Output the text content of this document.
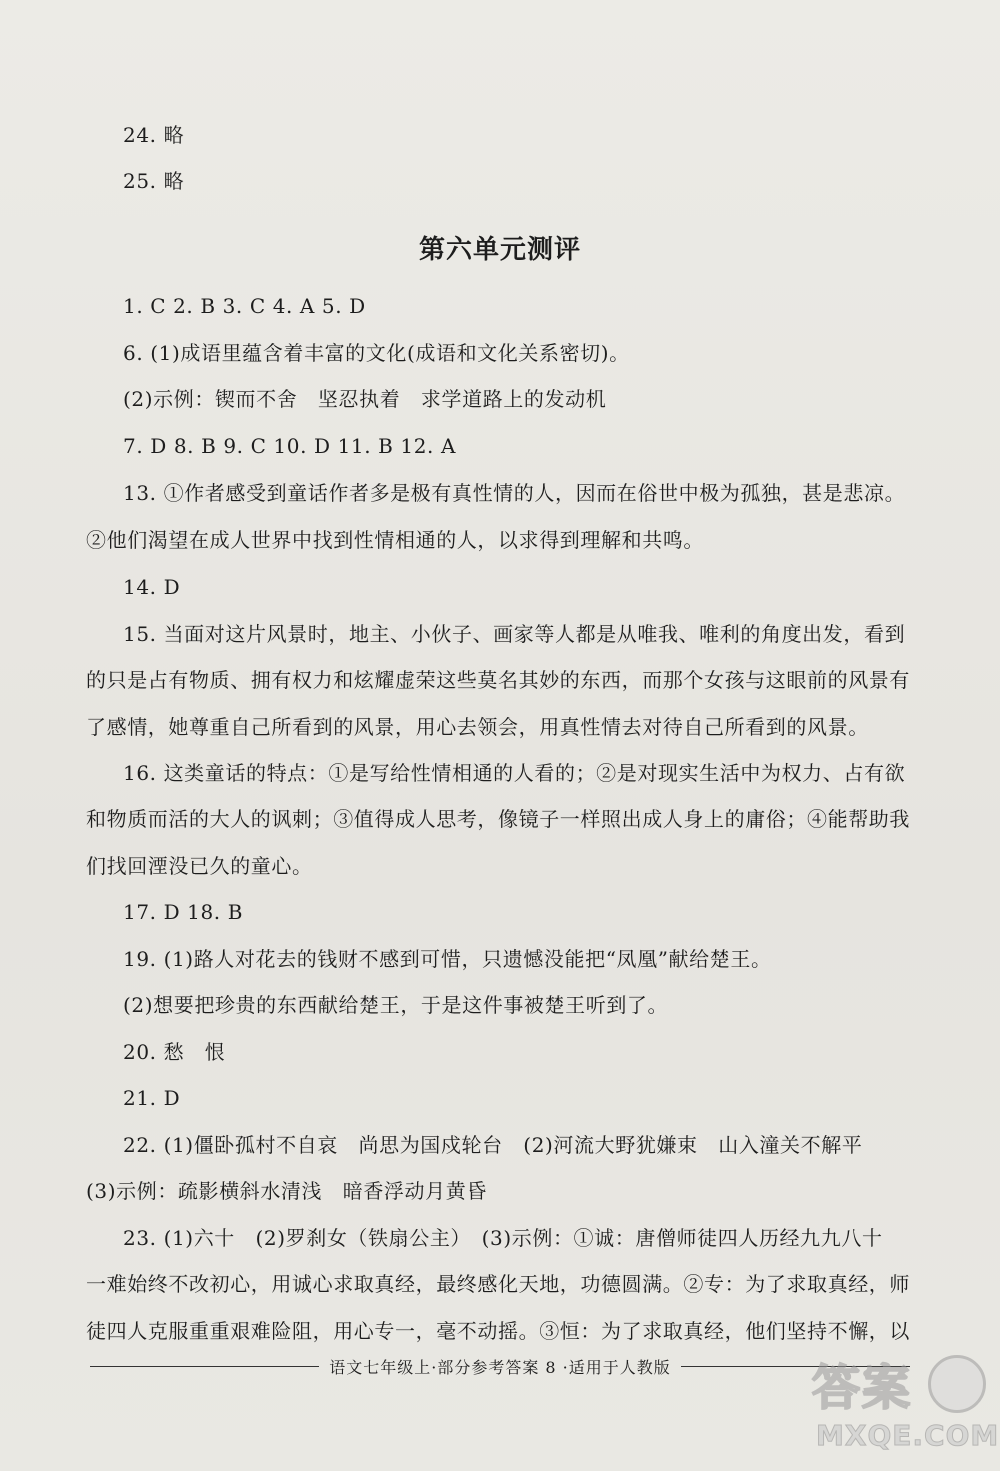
24. 略
25. 略
第六单元测评
1. C 2. B 3. C 4. A 5. D
6. (1)成语里蕴含着丰富的文化(成语和文化关系密切)。
(2)示例：锲而不舍　坚忍执着　求学道路上的发动机
7. D 8. B 9. C 10. D 11. B 12. A
13. ①作者感受到童话作者多是极有真性情的人，因而在俗世中极为孤独，甚是悲凉。
②他们渴望在成人世界中找到性情相通的人，以求得到理解和共鸣。
14. D
15. 当面对这片风景时，地主、小伙子、画家等人都是从唯我、唯利的角度出发，看到
的只是占有物质、拥有权力和炫耀虚荣这些莫名其妙的东西，而那个女孩与这眼前的风景有
了感情，她尊重自己所看到的风景，用心去领会，用真性情去对待自己所看到的风景。
16. 这类童话的特点：①是写给性情相通的人看的；②是对现实生活中为权力、占有欲
和物质而活的大人的讽刺；③值得成人思考，像镜子一样照出成人身上的庸俗；④能帮助我
们找回湮没已久的童心。
17. D 18. B
19. (1)路人对花去的钱财不感到可惜，只遗憾没能把“凤凰”献给楚王。
(2)想要把珍贵的东西献给楚王，于是这件事被楚王听到了。
20. 愁　恨
21. D
22. (1)僵卧孤村不自哀　尚思为国戍轮台　(2)河流大野犹嫌束　山入潼关不解平
(3)示例：疏影横斜水清浅　暗香浮动月黄昏
23. (1)六十　(2)罗刹女（铁扇公主）　(3)示例：①诚：唐僧师徒四人历经九九八十
一难始终不改初心，用诚心求取真经，最终感化天地，功德圆满。②专：为了求取真经，师
徒四人克服重重艰难险阻，用心专一，毫不动摇。③恒：为了求取真经，他们坚持不懈，以
语文七年级上·部分参考答案 8 ·适用于人教版	答案
MXQE.COM
